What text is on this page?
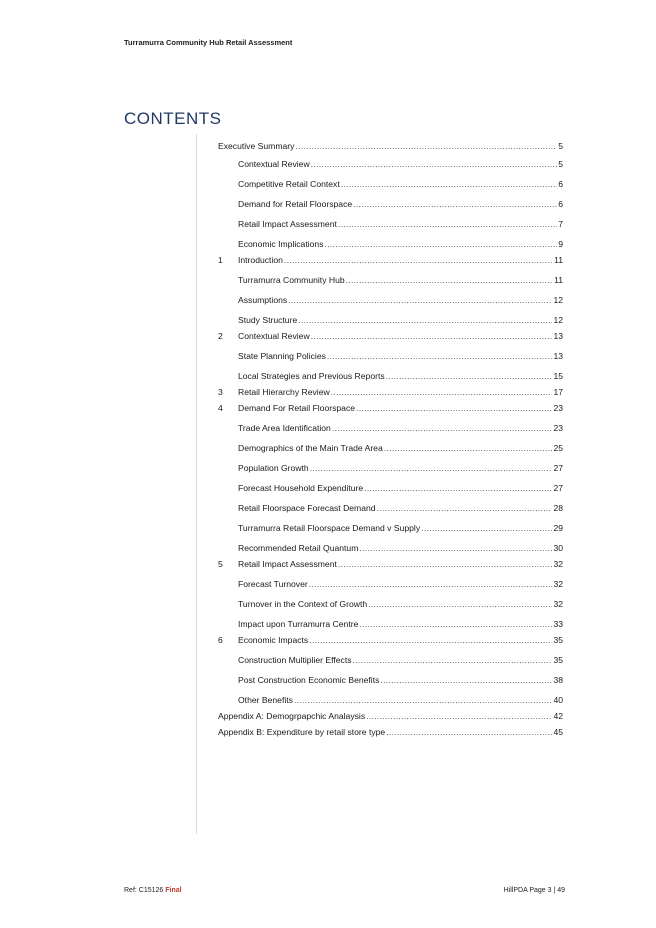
Turramurra Community Hub Retail Assessment
CONTENTS
Executive Summary .....	5
Contextual Review .....	5
Competitive Retail Context .....	6
Demand for Retail Floorspace .....	6
Retail Impact Assessment .....	7
Economic Implications .....	9
1	Introduction .....	11
Turramurra Community Hub .....	11
Assumptions .....	12
Study Structure .....	12
2	Contextual Review .....	13
State Planning Policies .....	13
Local Strategies and Previous Reports .....	15
3	Retail Hierarchy Review .....	17
4	Demand For Retail Floorspace .....	23
Trade Area Identification .....	23
Demographics of the Main Trade Area .....	25
Population Growth .....	27
Forecast Household Expenditure .....	27
Retail Floorspace Forecast Demand .....	28
Turramurra Retail Floorspace Demand v Supply .....	29
Recommended Retail Quantum .....	30
5	Retail Impact Assessment .....	32
Forecast Turnover .....	32
Turnover in the Context of Growth .....	32
Impact upon Turramurra Centre .....	33
6	Economic Impacts .....	35
Construction Multiplier Effects .....	35
Post Construction Economic Benefits .....	38
Other Benefits .....	40
Appendix A: Demogrpapchic Analaysis .....	42
Appendix B: Expenditure by retail store type .....	45
Ref: C15126 Final	HillPDA Page 3 | 49
